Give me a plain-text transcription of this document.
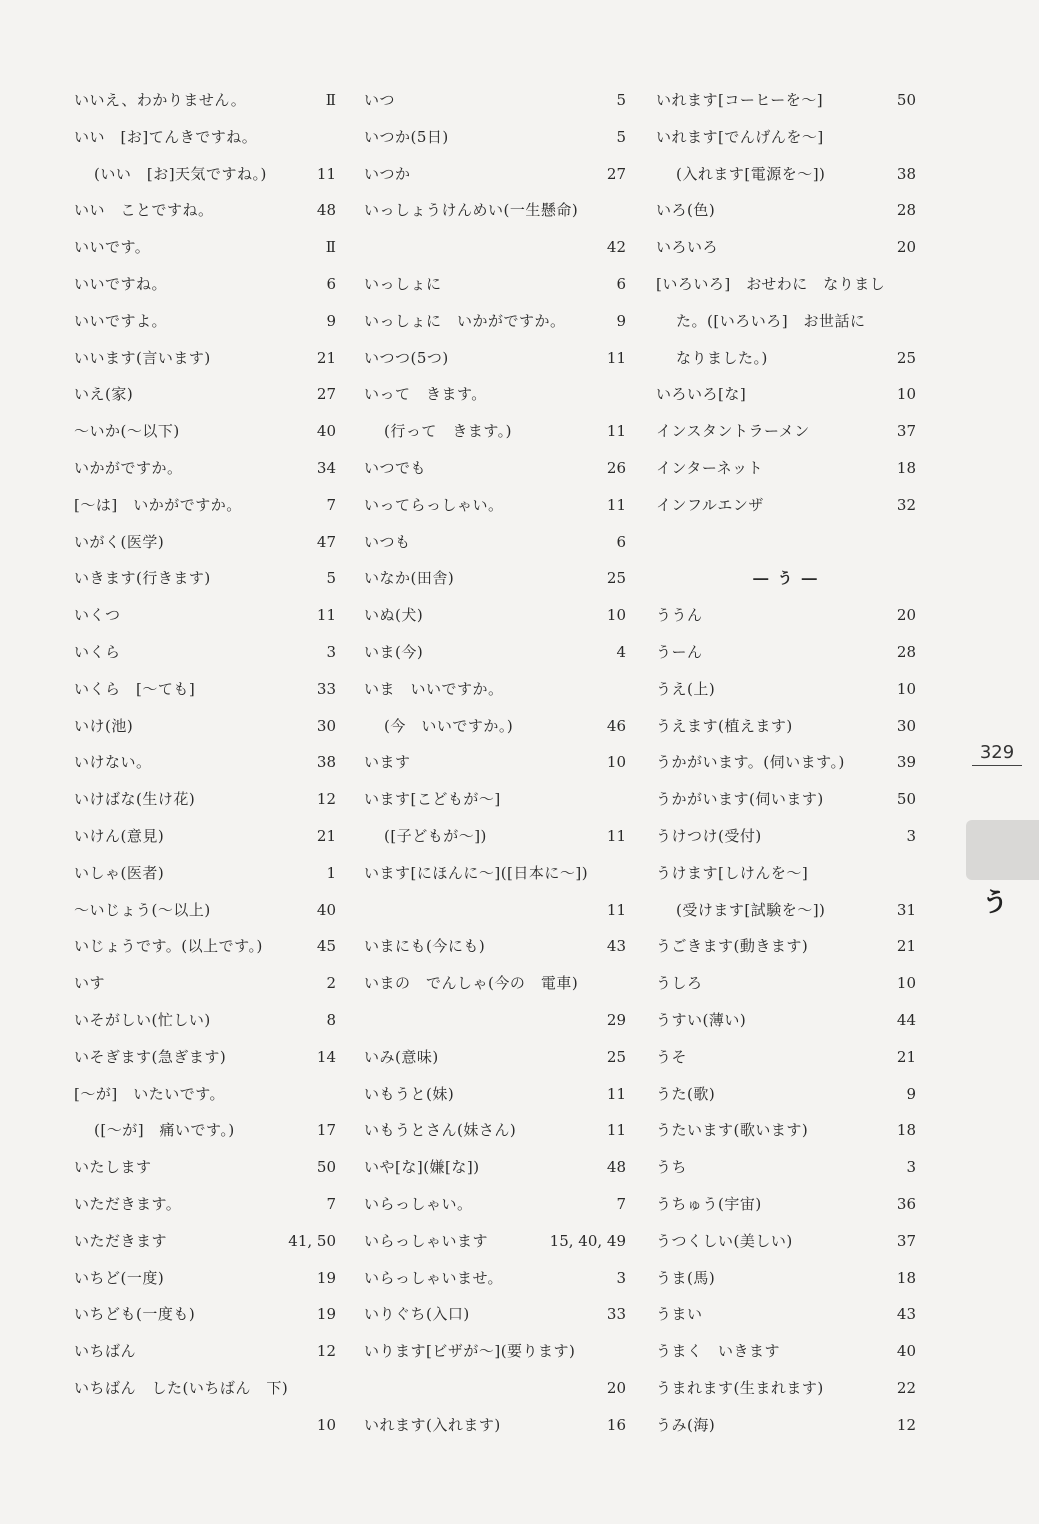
いいえ、わかりません。	Ⅱ
いい　[お]てんきですね。
(いい　[お]天気ですね。)	11
いい　ことですね。	48
いいです。	Ⅱ
いいですね。	6
いいですよ。	9
いいます(言います)	21
いえ(家)	27
～いか(～以下)	40
いかがですか。	34
[～は]　いかがですか。	7
いがく(医学)	47
いきます(行きます)	5
いくつ	11
いくら	3
いくら　[～ても]	33
いけ(池)	30
いけない。	38
いけばな(生け花)	12
いけん(意見)	21
いしゃ(医者)	1
～いじょう(～以上)	40
いじょうです。(以上です。)	45
いす	2
いそがしい(忙しい)	8
いそぎます(急ぎます)	14
[～が]　いたいです。
([～が]　痛いです。)	17
いたします	50
いただきます。	7
いただきます	41, 50
いちど(一度)	19
いちども(一度も)	19
いちばん	12
いちばん　した(いちばん　下)
10
いつ	5
いつか(5日)	5
いつか	27
いっしょうけんめい(一生懸命)
42
いっしょに	6
いっしょに　いかがですか。	9
いつつ(5つ)	11
いって　きます。
(行って　きます。)	11
いつでも	26
いってらっしゃい。	11
いつも	6
いなか(田舎)	25
いぬ(犬)	10
いま(今)	4
いま　いいですか。
(今　いいですか。)	46
います	10
います[こどもが～]
([子どもが～])	11
います[にほんに～]([日本に～])
11
いまにも(今にも)	43
いまの　でんしゃ(今の　電車)
29
いみ(意味)	25
いもうと(妹)	11
いもうとさん(妹さん)	11
いや[な](嫌[な])	48
いらっしゃい。	7
いらっしゃいます	15, 40, 49
いらっしゃいませ。	3
いりぐち(入口)	33
いります[ビザが～](要ります)
20
いれます(入れます)	16
いれます[コーヒーを～]	50
いれます[でんげんを～]
(入れます[電源を～])	38
いろ(色)	28
いろいろ	20
[いろいろ]　おせわに　なりまし
た。([いろいろ]　お世話に
なりました。)	25
いろいろ[な]	10
インスタントラーメン	37
インターネット	18
インフルエンザ	32
― う ―
ううん	20
うーん	28
うえ(上)	10
うえます(植えます)	30
うかがいます。(伺います。)	39
うかがいます(伺います)	50
うけつけ(受付)	3
うけます[しけんを～]
(受けます[試験を～])	31
うごきます(動きます)	21
うしろ	10
うすい(薄い)	44
うそ	21
うた(歌)	9
うたいます(歌います)	18
うち	3
うちゅう(宇宙)	36
うつくしい(美しい)	37
うま(馬)	18
うまい	43
うまく　いきます	40
うまれます(生まれます)	22
うみ(海)	12
329
う
